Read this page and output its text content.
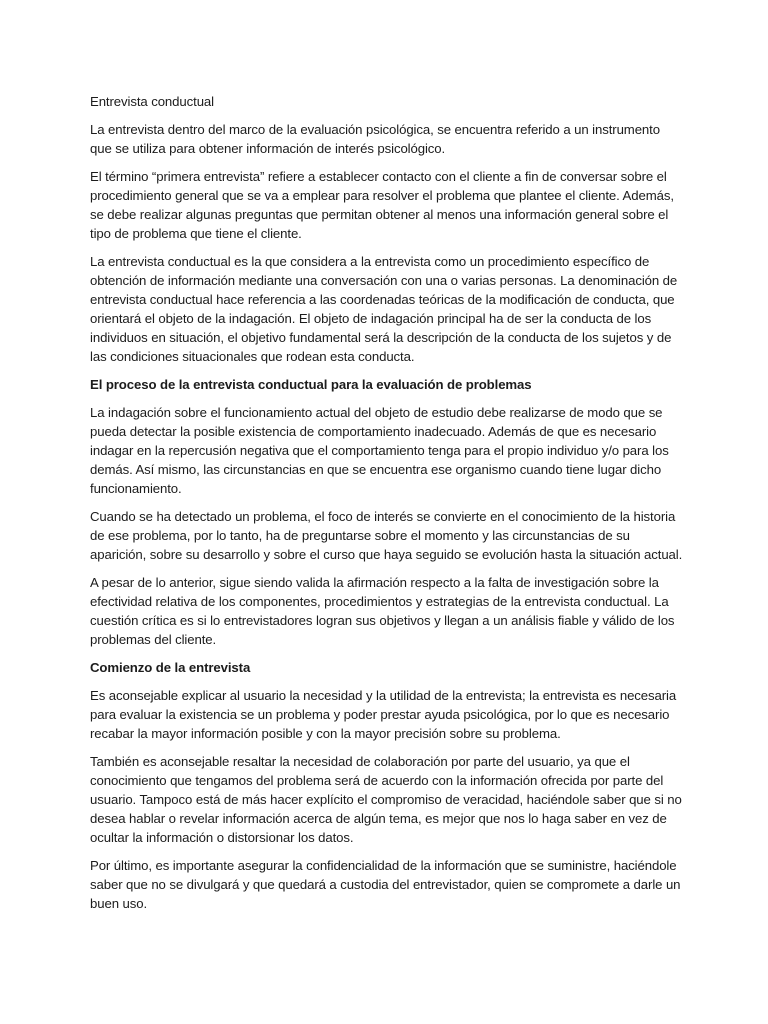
Entrevista conductual

La entrevista dentro del marco de la evaluación psicológica, se encuentra referido a un instrumento que se utiliza para obtener información de interés psicológico.

El término “primera entrevista” refiere a establecer contacto con el cliente a fin de conversar sobre el procedimiento general que se va a emplear para resolver el problema que plantee el cliente. Además, se debe realizar algunas preguntas que permitan obtener al menos una información general sobre el tipo de problema que tiene el cliente.

La entrevista conductual es la que considera a la entrevista como un procedimiento específico de obtención de información mediante una conversación con una o varias personas. La denominación de entrevista conductual hace referencia a las coordenadas teóricas de la modificación de conducta, que orientará el objeto de la indagación. El objeto de indagación principal ha de ser la conducta de los individuos en situación, el objetivo fundamental será la descripción de la conducta de los sujetos y de las condiciones situacionales que rodean esta conducta.

El proceso de la entrevista conductual para la evaluación de problemas

La indagación sobre el funcionamiento actual del objeto de estudio debe realizarse de modo que se pueda detectar la posible existencia de comportamiento inadecuado. Además de que es necesario indagar en la repercusión negativa que el comportamiento tenga para el propio individuo y/o para los demás. Así mismo, las circunstancias en que se encuentra ese organismo cuando tiene lugar dicho funcionamiento.

Cuando se ha detectado un problema, el foco de interés se convierte en el conocimiento de la historia de ese problema, por lo tanto, ha de preguntarse sobre el momento y las circunstancias de su aparición, sobre su desarrollo y sobre el curso que haya seguido se evolución hasta la situación actual.

A pesar de lo anterior, sigue siendo valida la afirmación respecto a la falta de investigación sobre la efectividad relativa de los componentes, procedimientos y estrategias de la entrevista conductual. La cuestión crítica es si lo entrevistadores logran sus objetivos y llegan a un análisis fiable y válido de los problemas del cliente.

Comienzo de la entrevista

Es aconsejable explicar al usuario la necesidad y la utilidad de la entrevista; la entrevista es necesaria para evaluar la existencia se un problema y poder prestar ayuda psicológica, por lo que es necesario recabar la mayor información posible y con la mayor precisión sobre su problema.

También es aconsejable resaltar la necesidad de colaboración por parte del usuario, ya que el conocimiento que tengamos del problema será de acuerdo con la información ofrecida por parte del usuario. Tampoco está de más hacer explícito el compromiso de veracidad, haciéndole saber que si no desea hablar o revelar información acerca de algún tema, es mejor que nos lo haga saber en vez de ocultar la información o distorsionar los datos.

Por último, es importante asegurar la confidencialidad de la información que se suministre, haciéndole saber que no se divulgará y que quedará a custodia del entrevistador, quien se compromete a darle un buen uso.
